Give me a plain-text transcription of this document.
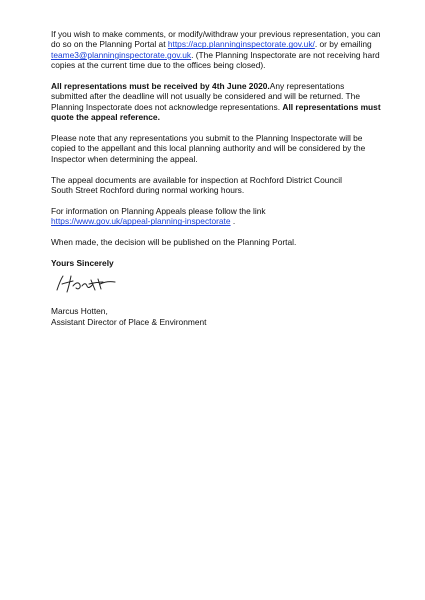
If you wish to make comments, or modify/withdraw your previous representation, you can do so on the Planning Portal at https://acp.planninginspectorate.gov.uk/. or by emailing teame3@planninginspectorate.gov.uk. (The Planning Inspectorate are not receiving hard copies at the current time due to the offices being closed).

All representations must be received by 4th June 2020.Any representations submitted after the deadline will not usually be considered and will be returned. The Planning Inspectorate does not acknowledge representations. All representations must quote the appeal reference.

Please note that any representations you submit to the Planning Inspectorate will be copied to the appellant and this local planning authority and will be considered by the Inspector when determining the appeal.

The appeal documents are available for inspection at Rochford District Council
South Street Rochford during normal working hours.

For information on Planning Appeals please follow the link
https://www.gov.uk/appeal-planning-inspectorate .

When made, the decision will be published on the Planning Portal.

Yours Sincerely

Marcus Hotten,

Assistant Director of Place & Environment
